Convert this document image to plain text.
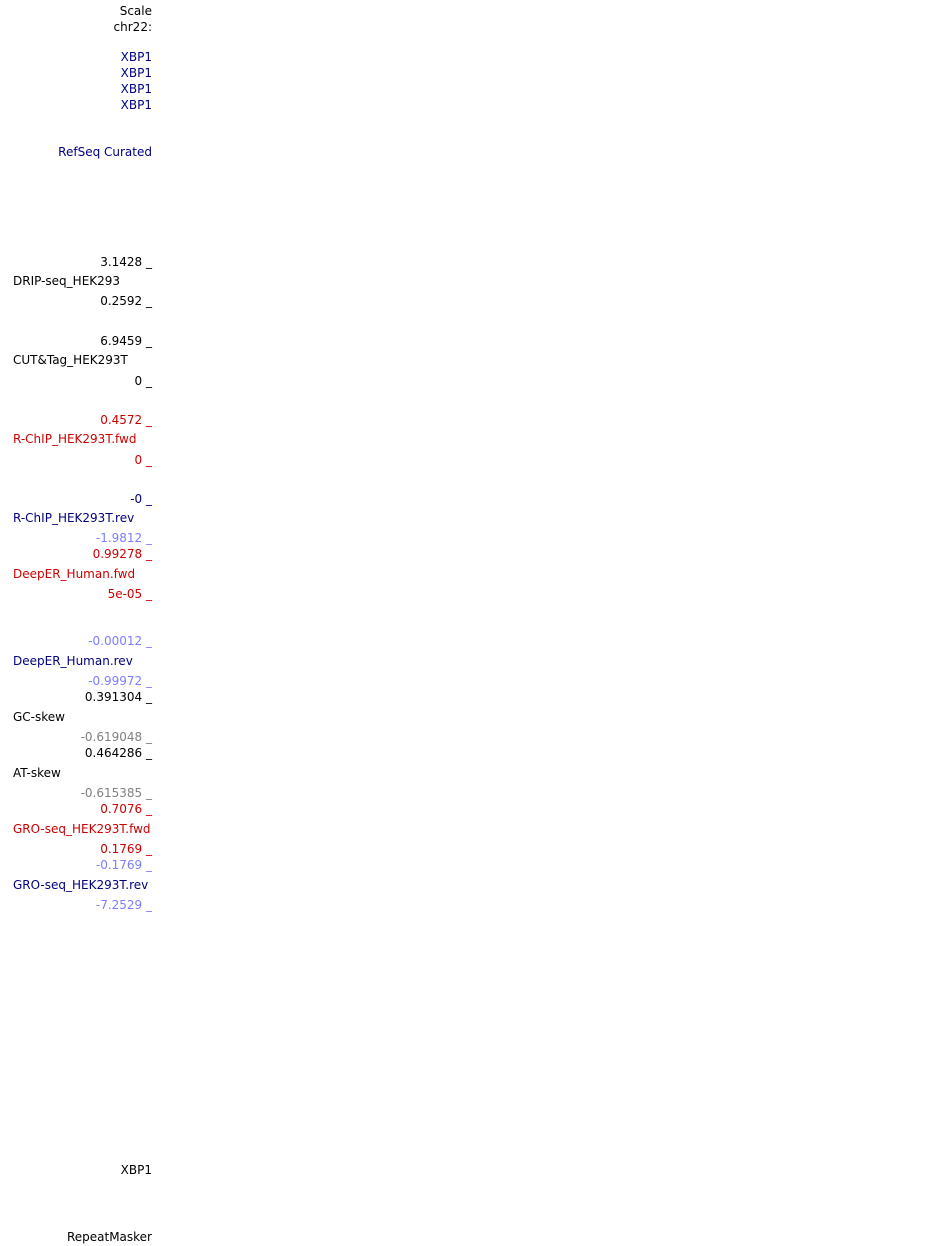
Scale
chr22:
XBP1
XBP1
XBP1
XBP1
RefSeq Curated
3.1428 _
DRIP-seq_HEK293
0.2592 _
6.9459 _
CUT&Tag_HEK293T
0 _
0.4572 _
R-ChIP_HEK293T.fwd
0 _
-0 _
R-ChIP_HEK293T.rev
-1.9812 _
0.99278 _
DeepER_Human.fwd
5e-05 _
-0.00012 _
DeepER_Human.rev
-0.99972 _
0.391304 _
GC-skew
-0.619048 _
0.464286 _
AT-skew
-0.615385 _
0.7076 _
GRO-seq_HEK293T.fwd
0.1769 _
-0.1769 _
GRO-seq_HEK293T.rev
-7.2529 _
XBP1
RepeatMasker
